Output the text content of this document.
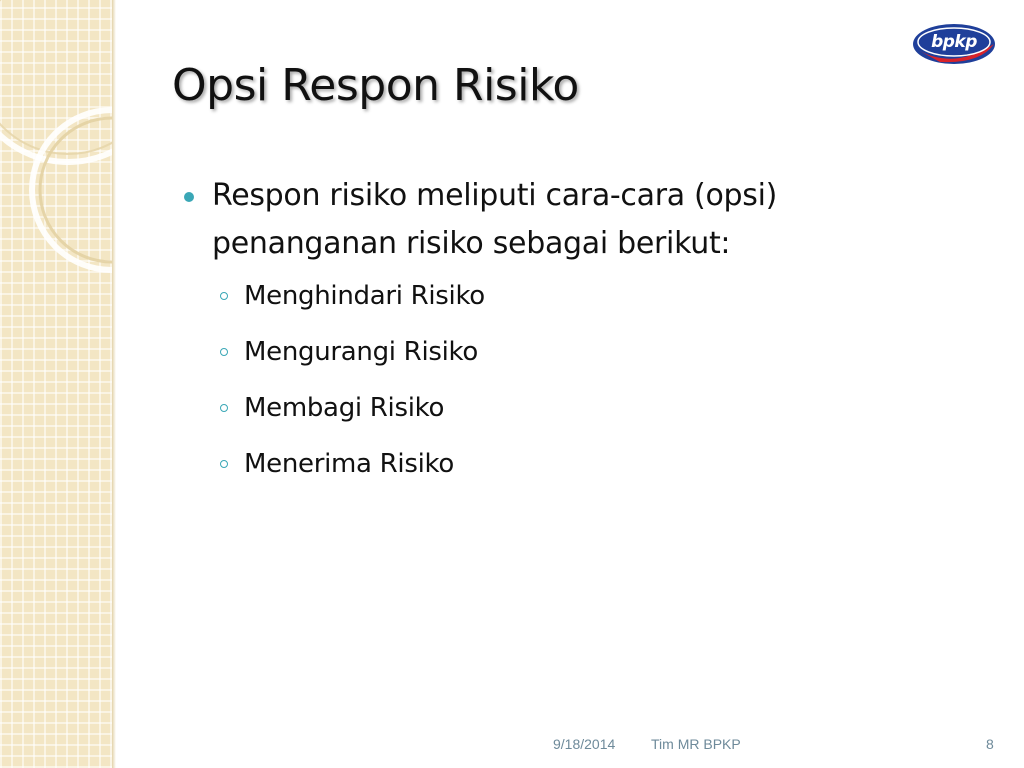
bpkp
Opsi Respon Risiko
Respon risiko meliputi cara-cara (opsi) penanganan risiko sebagai berikut:
Menghindari Risiko
Mengurangi Risiko
Membagi Risiko
Menerima Risiko
9/18/2014	Tim MR BPKP	8
